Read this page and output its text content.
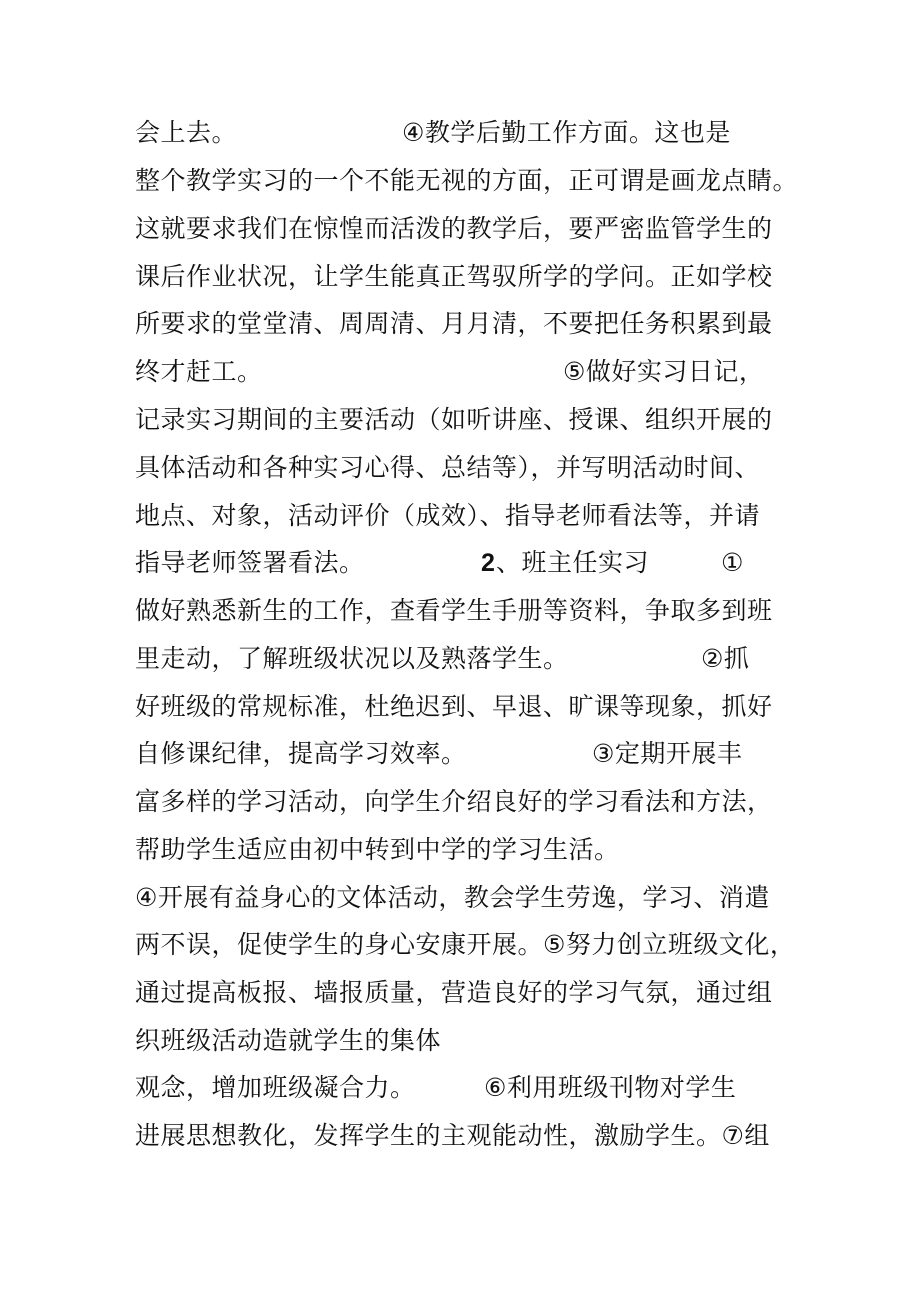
会上去。

	④教学后勤工作方面。这也是

整个教学实习的一个不能无视的方面，正可谓是画龙点睛。

这就要求我们在惊惶而活泼的教学后，要严密监管学生的

课后作业状况，让学生能真正驾驭所学的学问。正如学校

所要求的堂堂清、周周清、月月清，不要把任务积累到最

终才赶工。

	⑤做好实习日记，

记录实习期间的主要活动（如听讲座、授课、组织开展的

具体活动和各种实习心得、总结等），并写明活动时间、

地点、对象，活动评价（成效）、指导老师看法等，并请

指导老师签署看法。

	2

、班主任实习

	①

做好熟悉新生的工作，查看学生手册等资料，争取多到班

里走动，了解班级状况以及熟落学生。

	②抓

好班级的常规标准，杜绝迟到、早退、旷课等现象，抓好

自修课纪律，提高学习效率。

	③定期开展丰

富多样的学习活动，向学生介绍良好的学习看法和方法，

帮助学生适应由初中转到中学的学习生活。

④开展有益身心的文体活动，教会学生劳逸，学习、消遣

两不误，促使学生的身心安康开展。⑤努力创立班级文化，

通过提高板报、墙报质量，营造良好的学习气氛，通过组

织班级活动造就学生的集体

观念，增加班级凝合力。

	⑥利用班级刊物对学生

进展思想教化，发挥学生的主观能动性，激励学生。⑦组
